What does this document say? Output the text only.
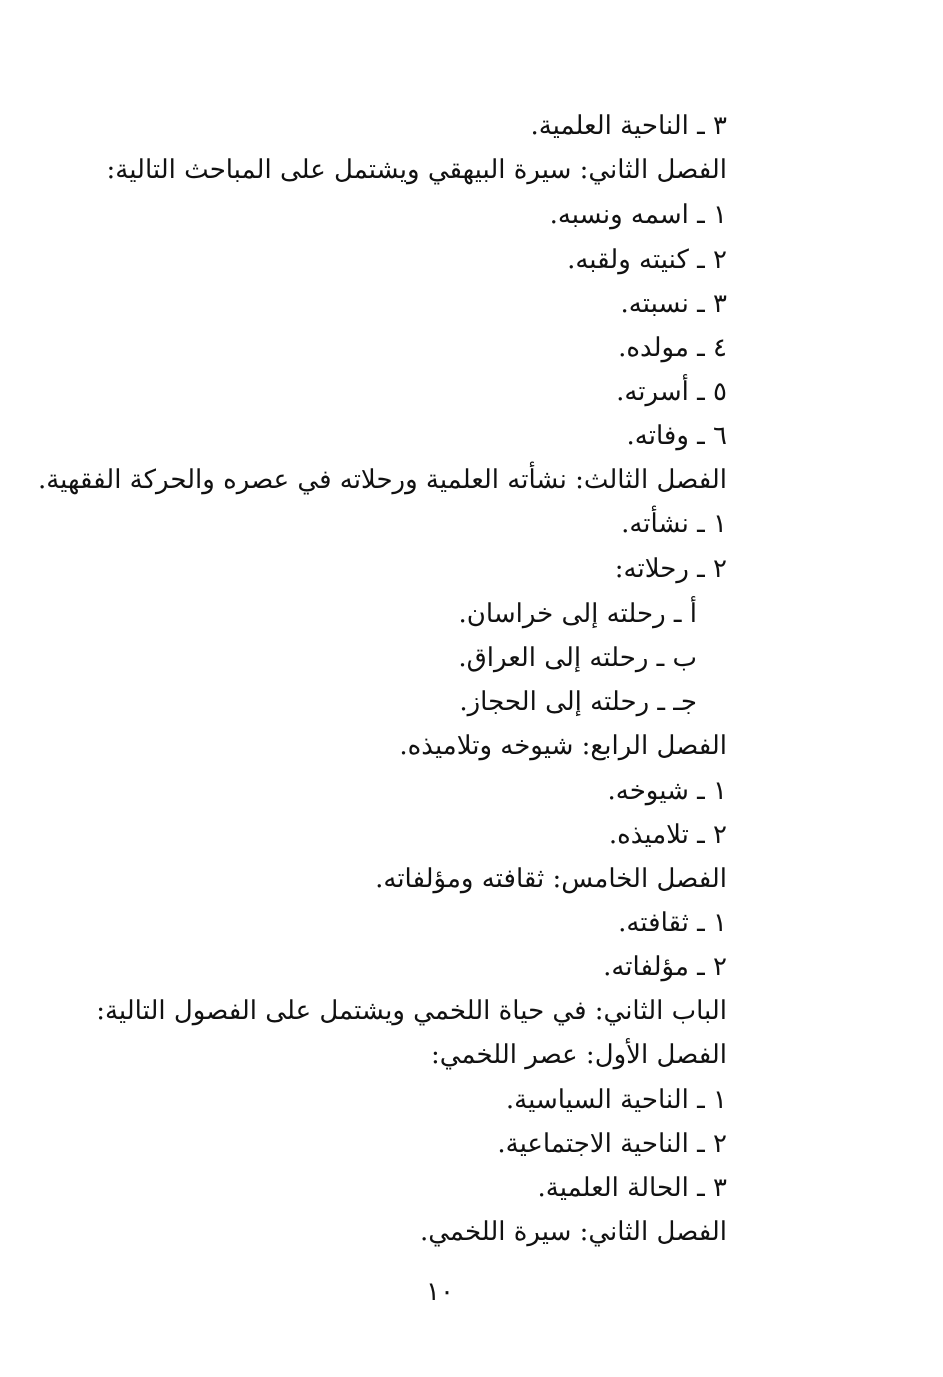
٣ ـ الناحية العلمية.
الفصل الثاني: سيرة البيهقي ويشتمل على المباحث التالية:
١ ـ اسمه ونسبه.
٢ ـ كنيته ولقبه.
٣ ـ نسبته.
٤ ـ مولده.
٥ ـ أسرته.
٦ ـ وفاته.
الفصل الثالث: نشأته العلمية ورحلاته في عصره والحركة الفقهية.
١ ـ نشأته.
٢ ـ رحلاته:
أ ـ رحلته إلى خراسان.
ب ـ رحلته إلى العراق.
جـ ـ رحلته إلى الحجاز.
الفصل الرابع: شيوخه وتلاميذه.
١ ـ شيوخه.
٢ ـ تلاميذه.
الفصل الخامس: ثقافته ومؤلفاته.
١ ـ ثقافته.
٢ ـ مؤلفاته.
الباب الثاني: في حياة اللخمي ويشتمل على الفصول التالية:
الفصل الأول: عصر اللخمي:
١ ـ الناحية السياسية.
٢ ـ الناحية الاجتماعية.
٣ ـ الحالة العلمية.
الفصل الثاني: سيرة اللخمي.
١٠
